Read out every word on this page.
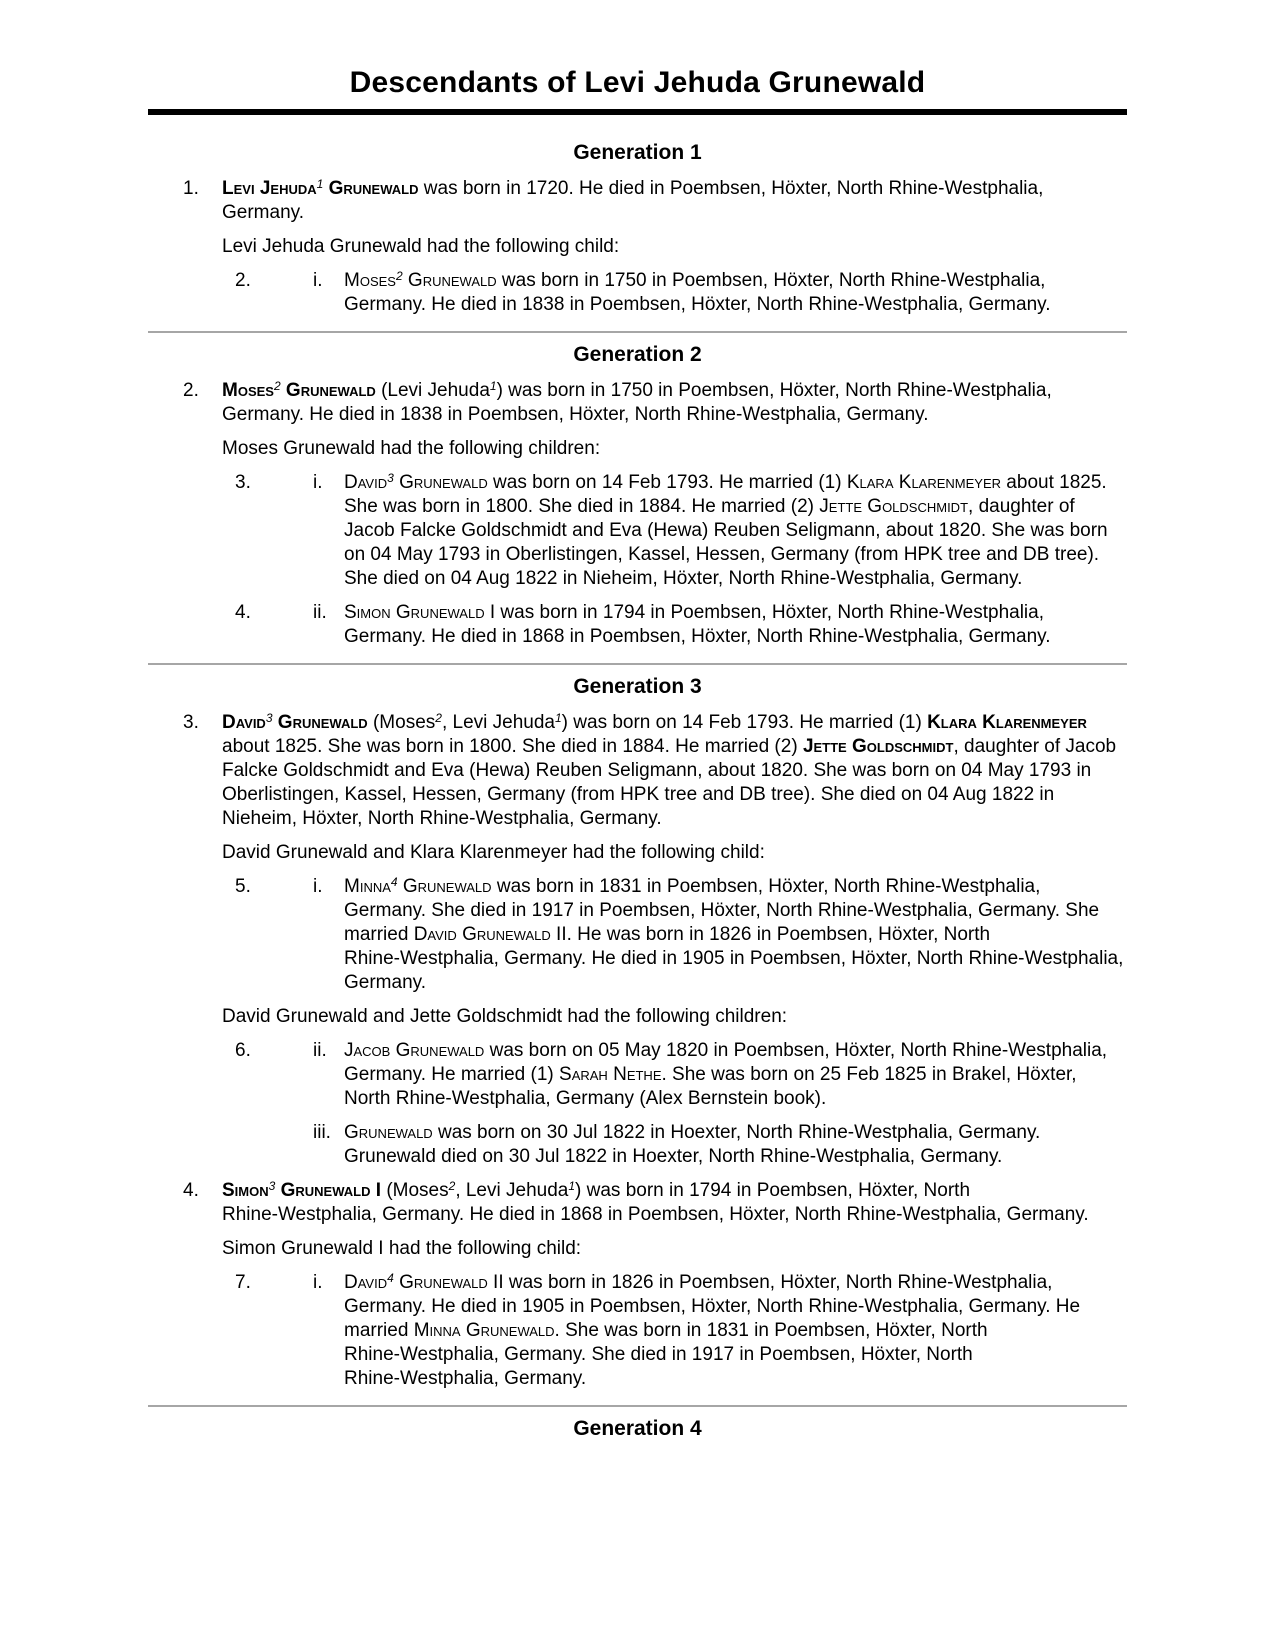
Descendants of Levi Jehuda Grunewald
Generation 1
1.	Levi Jehuda$^1$ Grunewald was born in 1720. He died in Poembsen, Höxter, North Rhine‑Westphalia, Germany.
Levi Jehuda Grunewald had the following child:
2.	i.	Moses$^2$ Grunewald was born in 1750 in Poembsen, Höxter, North Rhine‑Westphalia, Germany. He died in 1838 in Poembsen, Höxter, North Rhine‑Westphalia, Germany.
Generation 2
2.	Moses$^2$ Grunewald (Levi Jehuda$^1$) was born in 1750 in Poembsen, Höxter, North Rhine‑Westphalia, Germany. He died in 1838 in Poembsen, Höxter, North Rhine‑Westphalia, Germany.
Moses Grunewald had the following children:
3.	i.	David$^3$ Grunewald was born on 14 Feb 1793. He married (1) Klara Klarenmeyer about 1825. She was born in 1800. She died in 1884. He married (2) Jette Goldschmidt, daughter of Jacob Falcke Goldschmidt and Eva (Hewa) Reuben Seligmann, about 1820. She was born on 04 May 1793 in Oberlistingen, Kassel, Hessen, Germany (from HPK tree and DB tree). She died on 04 Aug 1822 in Nieheim, Höxter, North Rhine‑Westphalia, Germany.
4.	ii. Simon Grunewald I was born in 1794 in Poembsen, Höxter, North Rhine‑Westphalia, Germany. He died in 1868 in Poembsen, Höxter, North Rhine‑Westphalia, Germany.
Generation 3
3.	David$^3$ Grunewald (Moses$^2$, Levi Jehuda$^1$) was born on 14 Feb 1793. He married (1) Klara Klarenmeyer about 1825. She was born in 1800. She died in 1884. He married (2) Jette Goldschmidt, daughter of Jacob Falcke Goldschmidt and Eva (Hewa) Reuben Seligmann, about 1820. She was born on 04 May 1793 in Oberlistingen, Kassel, Hessen, Germany (from HPK tree and DB tree). She died on 04 Aug 1822 in Nieheim, Höxter, North Rhine‑Westphalia, Germany.
David Grunewald and Klara Klarenmeyer had the following child:
5.	i.	Minna$^4$ Grunewald was born in 1831 in Poembsen, Höxter, North Rhine‑Westphalia, Germany. She died in 1917 in Poembsen, Höxter, North Rhine‑Westphalia, Germany. She married David Grunewald II. He was born in 1826 in Poembsen, Höxter, North Rhine‑Westphalia, Germany. He died in 1905 in Poembsen, Höxter, North Rhine‑Westphalia, Germany.
David Grunewald and Jette Goldschmidt had the following children:
6.	ii. Jacob Grunewald was born on 05 May 1820 in Poembsen, Höxter, North Rhine‑Westphalia, Germany. He married (1) Sarah Nethe. She was born on 25 Feb 1825 in Brakel, Höxter, North Rhine‑Westphalia, Germany (Alex Bernstein book).
iii. Grunewald was born on 30 Jul 1822 in Hoexter, North Rhine‑Westphalia, Germany. Grunewald died on 30 Jul 1822 in Hoexter, North Rhine‑Westphalia, Germany.
4.	Simon$^3$ Grunewald I (Moses$^2$, Levi Jehuda$^1$) was born in 1794 in Poembsen, Höxter, North Rhine‑Westphalia, Germany. He died in 1868 in Poembsen, Höxter, North Rhine‑Westphalia, Germany.
Simon Grunewald I had the following child:
7.	i.	David$^4$ Grunewald II was born in 1826 in Poembsen, Höxter, North Rhine‑Westphalia, Germany. He died in 1905 in Poembsen, Höxter, North Rhine‑Westphalia, Germany. He married Minna Grunewald. She was born in 1831 in Poembsen, Höxter, North Rhine‑Westphalia, Germany. She died in 1917 in Poembsen, Höxter, North Rhine‑Westphalia, Germany.
Generation 4
